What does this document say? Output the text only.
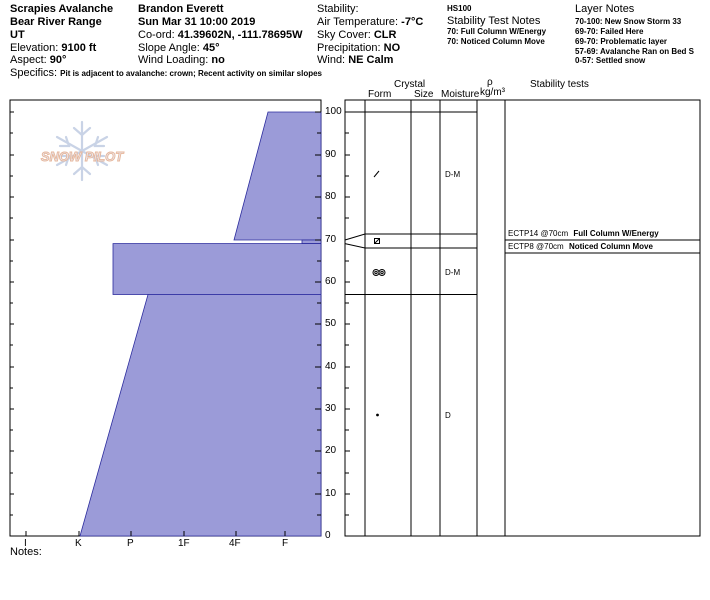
Scrapies Avalanche
Bear River Range
UT
Elevation: 9100 ft
Aspect: 90°
Brandon Everett
Sun Mar 31 10:00 2019
Co-ord: 41.39602N, -111.78695W
Slope Angle: 45°
Wind Loading: no
Stability:
Air Temperature: -7°C
Sky Cover: CLR
Precipitation: NO
Wind: NE Calm
HS100
Stability Test Notes
70: Full Column W/Energy
70: Noticed Column Move
Layer Notes
70-100: New Snow Storm 33
69-70: Failed Here
69-70: Problematic layer
57-69: Avalanche Ran on Bed S
0-57: Settled snow
Specifics: Pit is adjacent to avalanche: crown; Recent activity on similar slopes
SNOW PILOT
100
90
80
70
60
50
40
30
20
10
0
I	K	P	1F	4F	F
Crystal
Form Size Moisture
ρ
kg/m³
Stability tests
D-M
D-M
D
ECTP14 @70cm Full Column W/Energy
ECTP8 @70cm Noticed Column Move
Notes:
